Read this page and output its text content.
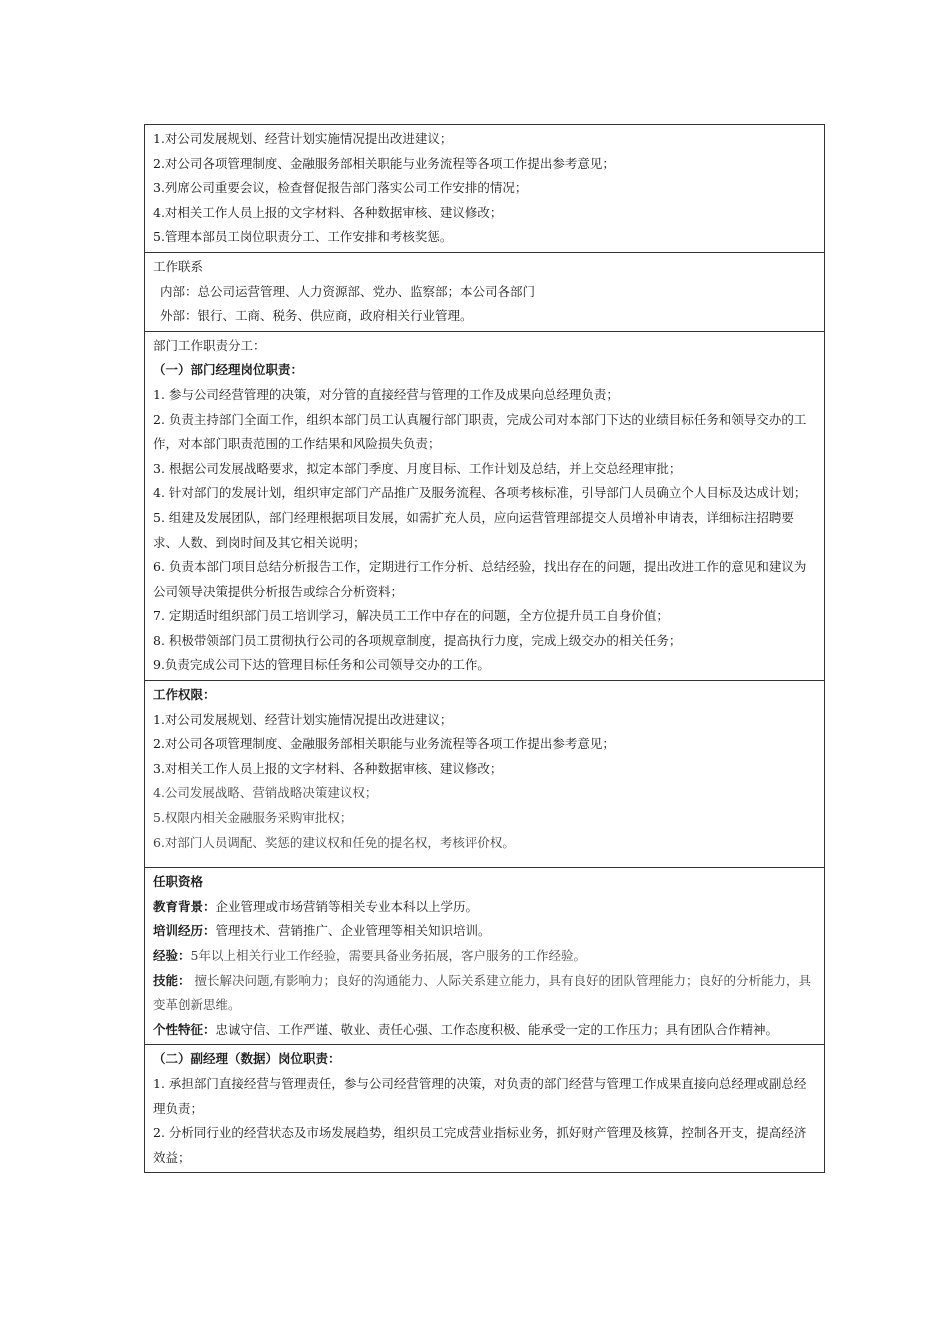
1.对公司发展规划、经营计划实施情况提出改进建议；
2.对公司各项管理制度、金融服务部相关职能与业务流程等各项工作提出参考意见；
3.列席公司重要会议，检查督促报告部门落实公司工作安排的情况；
4.对相关工作人员上报的文字材料、各种数据审核、建议修改；
5.管理本部员工岗位职责分工、工作安排和考核奖惩。
工作联系
内部：总公司运营管理、人力资源部、党办、监察部；本公司各部门
外部：银行、工商、税务、供应商，政府相关行业管理。
部门工作职责分工：
（一）部门经理岗位职责：
1. 参与公司经营管理的决策，对分管的直接经营与管理的工作及成果向总经理负责；
2. 负责主持部门全面工作，组织本部门员工认真履行部门职责，完成公司对本部门下达的业绩目标任务和领导交办的工作，对本部门职责范围的工作结果和风险损失负责；
3. 根据公司发展战略要求，拟定本部门季度、月度目标、工作计划及总结，并上交总经理审批；
4. 针对部门的发展计划，组织审定部门产品推广及服务流程、各项考核标准，引导部门人员确立个人目标及达成计划；
5. 组建及发展团队，部门经理根据项目发展，如需扩充人员，应向运营管理部提交人员增补申请表，详细标注招聘要求、人数、到岗时间及其它相关说明；
6. 负责本部门项目总结分析报告工作，定期进行工作分析、总结经验，找出存在的问题，提出改进工作的意见和建议为公司领导决策提供分析报告或综合分析资料；
7. 定期适时组织部门员工培训学习，解决员工工作中存在的问题，全方位提升员工自身价值；
8. 积极带领部门员工贯彻执行公司的各项规章制度，提高执行力度，完成上级交办的相关任务；
9.负责完成公司下达的管理目标任务和公司领导交办的工作。
工作权限：
1.对公司发展规划、经营计划实施情况提出改进建议；
2.对公司各项管理制度、金融服务部相关职能与业务流程等各项工作提出参考意见；
3.对相关工作人员上报的文字材料、各种数据审核、建议修改；
4.公司发展战略、营销战略决策建议权；
5.权限内相关金融服务采购审批权；
6.对部门人员调配、奖惩的建议权和任免的提名权，考核评价权。
任职资格
教育背景：企业管理或市场营销等相关专业本科以上学历。
培训经历：管理技术、营销推广、企业管理等相关知识培训。
经验：5年以上相关行业工作经验，需要具备业务拓展，客户服务的工作经验。
技能： 擅长解决问题,有影响力；良好的沟通能力、人际关系建立能力，具有良好的团队管理能力；良好的分析能力，具变革创新思维。
个性特征：忠诚守信、工作严谨、敬业、责任心强、工作态度积极、能承受一定的工作压力；具有团队合作精神。
（二）副经理（数据）岗位职责：
1. 承担部门直接经营与管理责任，参与公司经营管理的决策，对负责的部门经营与管理工作成果直接向总经理或副总经理负责；
2. 分析同行业的经营状态及市场发展趋势，组织员工完成营业指标业务，抓好财产管理及核算，控制各开支，提高经济效益；
